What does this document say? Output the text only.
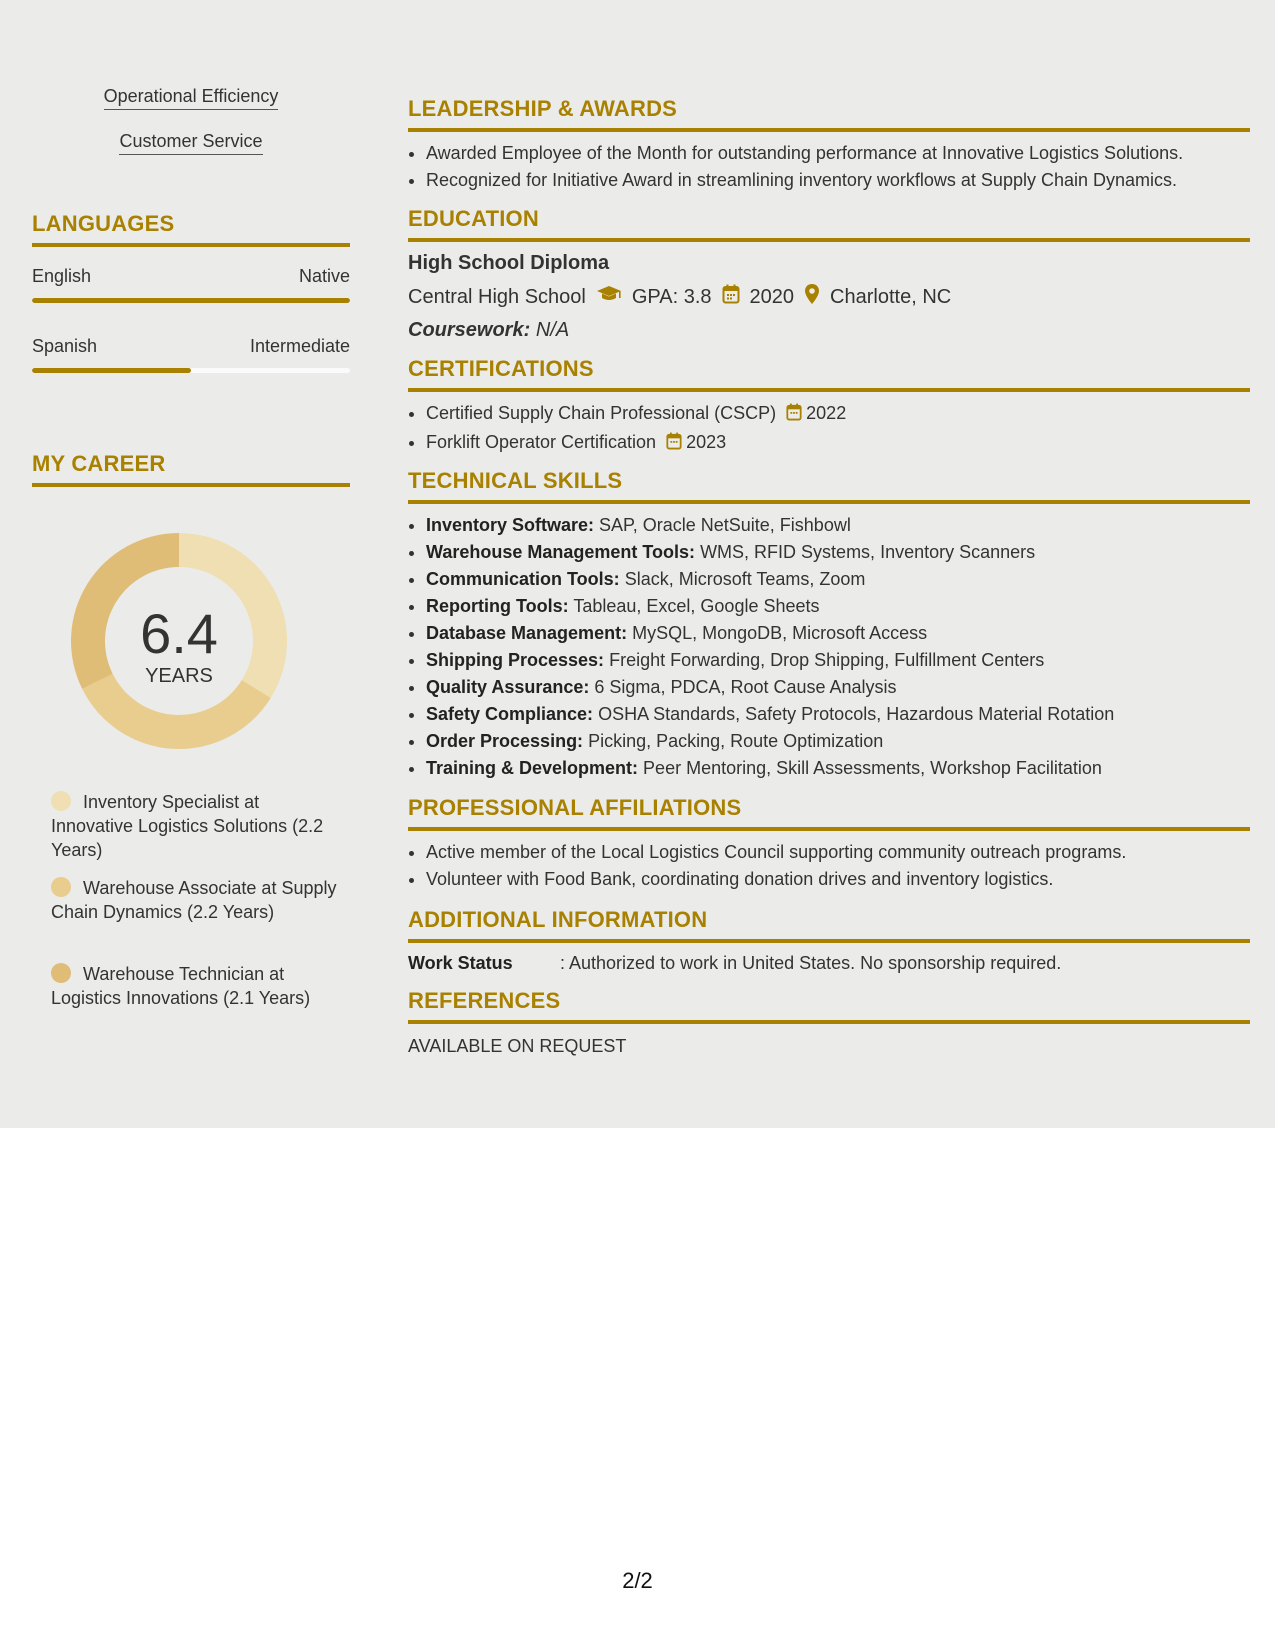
Operational Efficiency
Customer Service
LANGUAGES
English	Native
Spanish	Intermediate
MY CAREER
6.4
YEARS
Inventory Specialist at Innovative Logistics Solutions (2.2 Years)
Warehouse Associate at Supply Chain Dynamics (2.2 Years)
Warehouse Technician at Logistics Innovations (2.1 Years)
LEADERSHIP & AWARDS
• Awarded Employee of the Month for outstanding performance at Innovative Logistics Solutions.
• Recognized for Initiative Award in streamlining inventory workflows at Supply Chain Dynamics.
EDUCATION
High School Diploma
Central High School GPA: 3.8 2020 Charlotte, NC
Coursework: N/A
CERTIFICATIONS
• Certified Supply Chain Professional (CSCP) 2022
• Forklift Operator Certification 2023
TECHNICAL SKILLS
• Inventory Software: SAP, Oracle NetSuite, Fishbowl
• Warehouse Management Tools: WMS, RFID Systems, Inventory Scanners
• Communication Tools: Slack, Microsoft Teams, Zoom
• Reporting Tools: Tableau, Excel, Google Sheets
• Database Management: MySQL, MongoDB, Microsoft Access
• Shipping Processes: Freight Forwarding, Drop Shipping, Fulfillment Centers
• Quality Assurance: 6 Sigma, PDCA, Root Cause Analysis
• Safety Compliance: OSHA Standards, Safety Protocols, Hazardous Material Rotation
• Order Processing: Picking, Packing, Route Optimization
• Training & Development: Peer Mentoring, Skill Assessments, Workshop Facilitation
PROFESSIONAL AFFILIATIONS
• Active member of the Local Logistics Council supporting community outreach programs.
• Volunteer with Food Bank, coordinating donation drives and inventory logistics.
ADDITIONAL INFORMATION
Work Status	: Authorized to work in United States. No sponsorship required.
REFERENCES
AVAILABLE ON REQUEST
2/2
